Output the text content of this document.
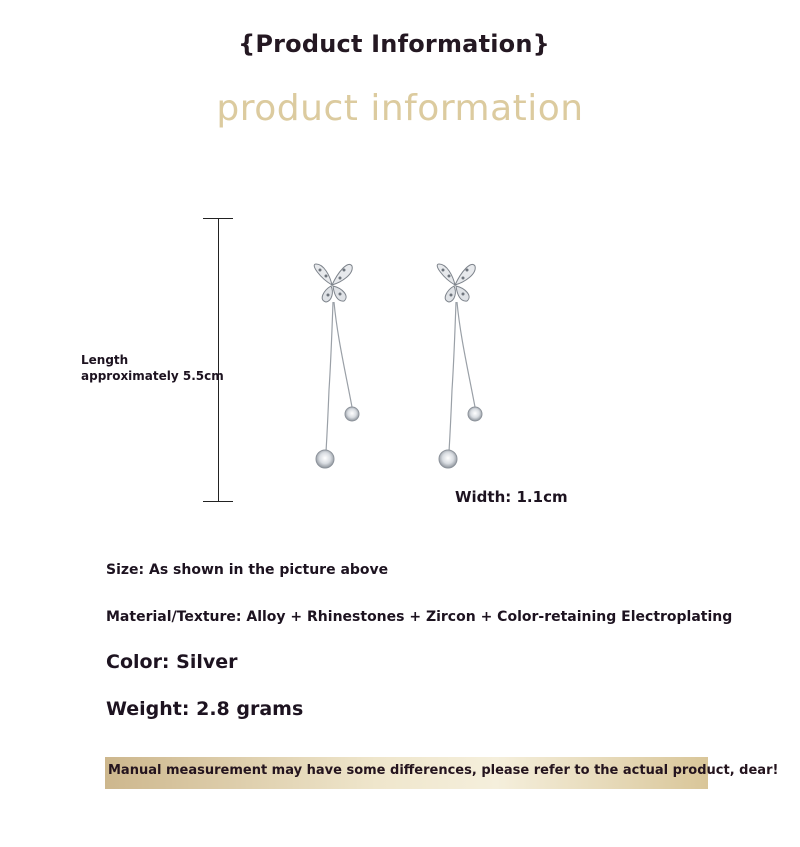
{Product Information}
product information
Length
approximately 5.5cm
Width: 1.1cm
Size: As shown in the picture above
Material/Texture: Alloy + Rhinestones + Zircon + Color-retaining Electroplating
Color: Silver
Weight: 2.8 grams
Manual measurement may have some differences, please refer to the actual product, dear!
